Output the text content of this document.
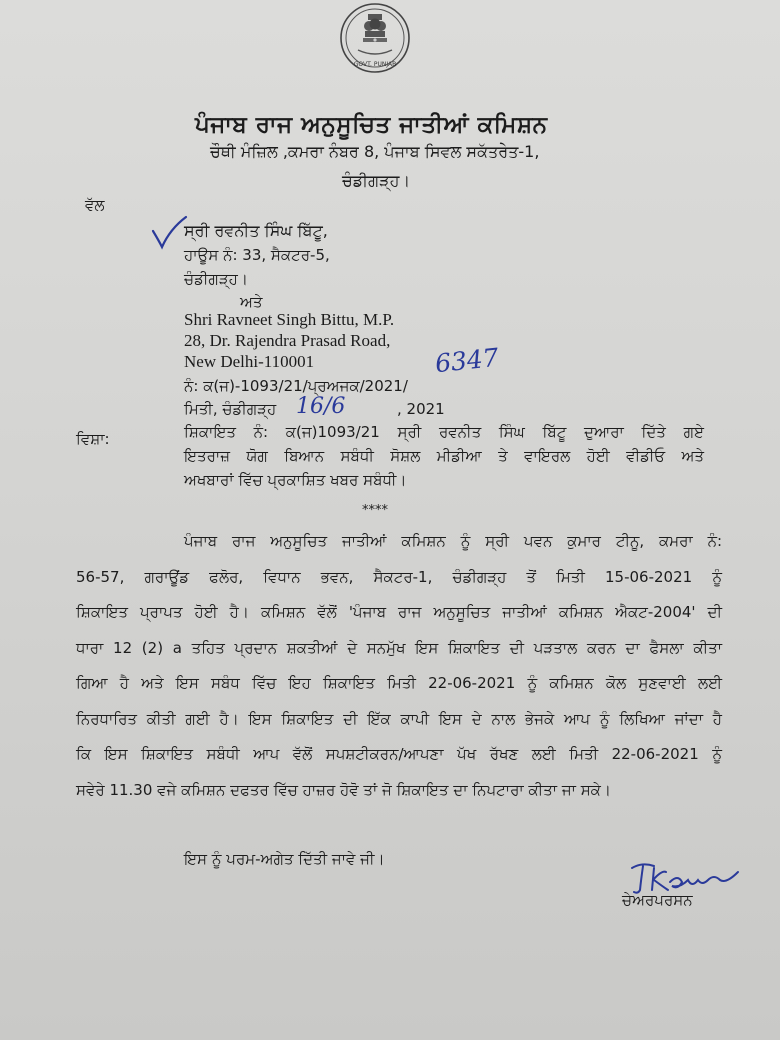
GOVT. PUNJAB
ਪੰਜਾਬ ਰਾਜ ਅਨੁਸੂਚਿਤ ਜਾਤੀਆਂ ਕਮਿਸ਼ਨ
ਚੌਥੀ ਮੰਜ਼ਿਲ ,ਕਮਰਾ ਨੰਬਰ 8, ਪੰਜਾਬ ਸਿਵਲ ਸਕੱਤਰੇਤ-1,
ਚੰਡੀਗੜ੍ਹ।
ਵੱਲ
ਸ੍ਰੀ ਰਵਨੀਤ ਸਿੰਘ ਬਿੱਟੂ,
ਹਾਊਸ ਨੰ: 33, ਸੈਕਟਰ-5,
ਚੰਡੀਗੜ੍ਹ।
ਅਤੇ
Shri Ravneet Singh Bittu, M.P.
28, Dr. Rajendra Prasad Road,
New Delhi-110001	6347
ਨੰ: ਕ(ਜ)-1093/21/ਪ੍ਰਅਜਕ/2021/
ਮਿਤੀ, ਚੰਡੀਗੜ੍ਹ 16/6	, 2021
ਵਿਸ਼ਾ:	ਸ਼ਿਕਾਇਤ ਨੰ: ਕ(ਜ)1093/21 ਸ੍ਰੀ ਰਵਨੀਤ ਸਿੰਘ ਬਿੱਟੂ ਦੁਆਰਾ ਦਿੱਤੇ ਗਏ
ਇਤਰਾਜ਼ ਯੋਗ ਬਿਆਨ ਸਬੰਧੀ ਸੋਸ਼ਲ ਮੀਡੀਆ ਤੇ ਵਾਇਰਲ ਹੋਈ ਵੀਡੀਓ ਅਤੇ
ਅਖਬਾਰਾਂ ਵਿੱਚ ਪ੍ਰਕਾਸ਼ਿਤ ਖਬਰ ਸਬੰਧੀ।
****
ਪੰਜਾਬ ਰਾਜ ਅਨੁਸੂਚਿਤ ਜਾਤੀਆਂ ਕਮਿਸ਼ਨ ਨੂੰ ਸ੍ਰੀ ਪਵਨ ਕੁਮਾਰ ਟੀਨੂ, ਕਮਰਾ ਨੰ:
56-57, ਗਰਾਊਂਡ ਫਲੋਰ, ਵਿਧਾਨ ਭਵਨ, ਸੈਕਟਰ-1, ਚੰਡੀਗੜ੍ਹ ਤੋਂ ਮਿਤੀ 15-06-2021 ਨੂੰ
ਸ਼ਿਕਾਇਤ ਪ੍ਰਾਪਤ ਹੋਈ ਹੈ। ਕਮਿਸ਼ਨ ਵੱਲੋਂ 'ਪੰਜਾਬ ਰਾਜ ਅਨੁਸੂਚਿਤ ਜਾਤੀਆਂ ਕਮਿਸ਼ਨ ਐਕਟ-2004' ਦੀ
ਧਾਰਾ 12 (2) a ਤਹਿਤ ਪ੍ਰਦਾਨ ਸ਼ਕਤੀਆਂ ਦੇ ਸਨਮੁੱਖ ਇਸ ਸ਼ਿਕਾਇਤ ਦੀ ਪੜਤਾਲ ਕਰਨ ਦਾ ਫੈਸਲਾ ਕੀਤਾ
ਗਿਆ ਹੈ ਅਤੇ ਇਸ ਸਬੰਧ ਵਿੱਚ ਇਹ ਸ਼ਿਕਾਇਤ ਮਿਤੀ 22-06-2021 ਨੂੰ ਕਮਿਸ਼ਨ ਕੋਲ ਸੁਣਵਾਈ ਲਈ
ਨਿਰਧਾਰਿਤ ਕੀਤੀ ਗਈ ਹੈ। ਇਸ ਸ਼ਿਕਾਇਤ ਦੀ ਇੱਕ ਕਾਪੀ ਇਸ ਦੇ ਨਾਲ ਭੇਜਕੇ ਆਪ ਨੂੰ ਲਿਖਿਆ ਜਾਂਦਾ ਹੈ
ਕਿ ਇਸ ਸ਼ਿਕਾਇਤ ਸਬੰਧੀ ਆਪ ਵੱਲੋਂ ਸਪਸ਼ਟੀਕਰਨ/ਆਪਣਾ ਪੱਖ ਰੱਖਣ ਲਈ ਮਿਤੀ 22-06-2021 ਨੂੰ
ਸਵੇਰੇ 11.30 ਵਜੇ ਕਮਿਸ਼ਨ ਦਫਤਰ ਵਿੱਚ ਹਾਜ਼ਰ ਹੋਵੋ ਤਾਂ ਜੋ ਸ਼ਿਕਾਇਤ ਦਾ ਨਿਪਟਾਰਾ ਕੀਤਾ ਜਾ ਸਕੇ।
ਇਸ ਨੂੰ ਪਰਮ-ਅਗੇਤ ਦਿੱਤੀ ਜਾਵੇ ਜੀ।
ਚੇਅਰਪਰਸਨ
